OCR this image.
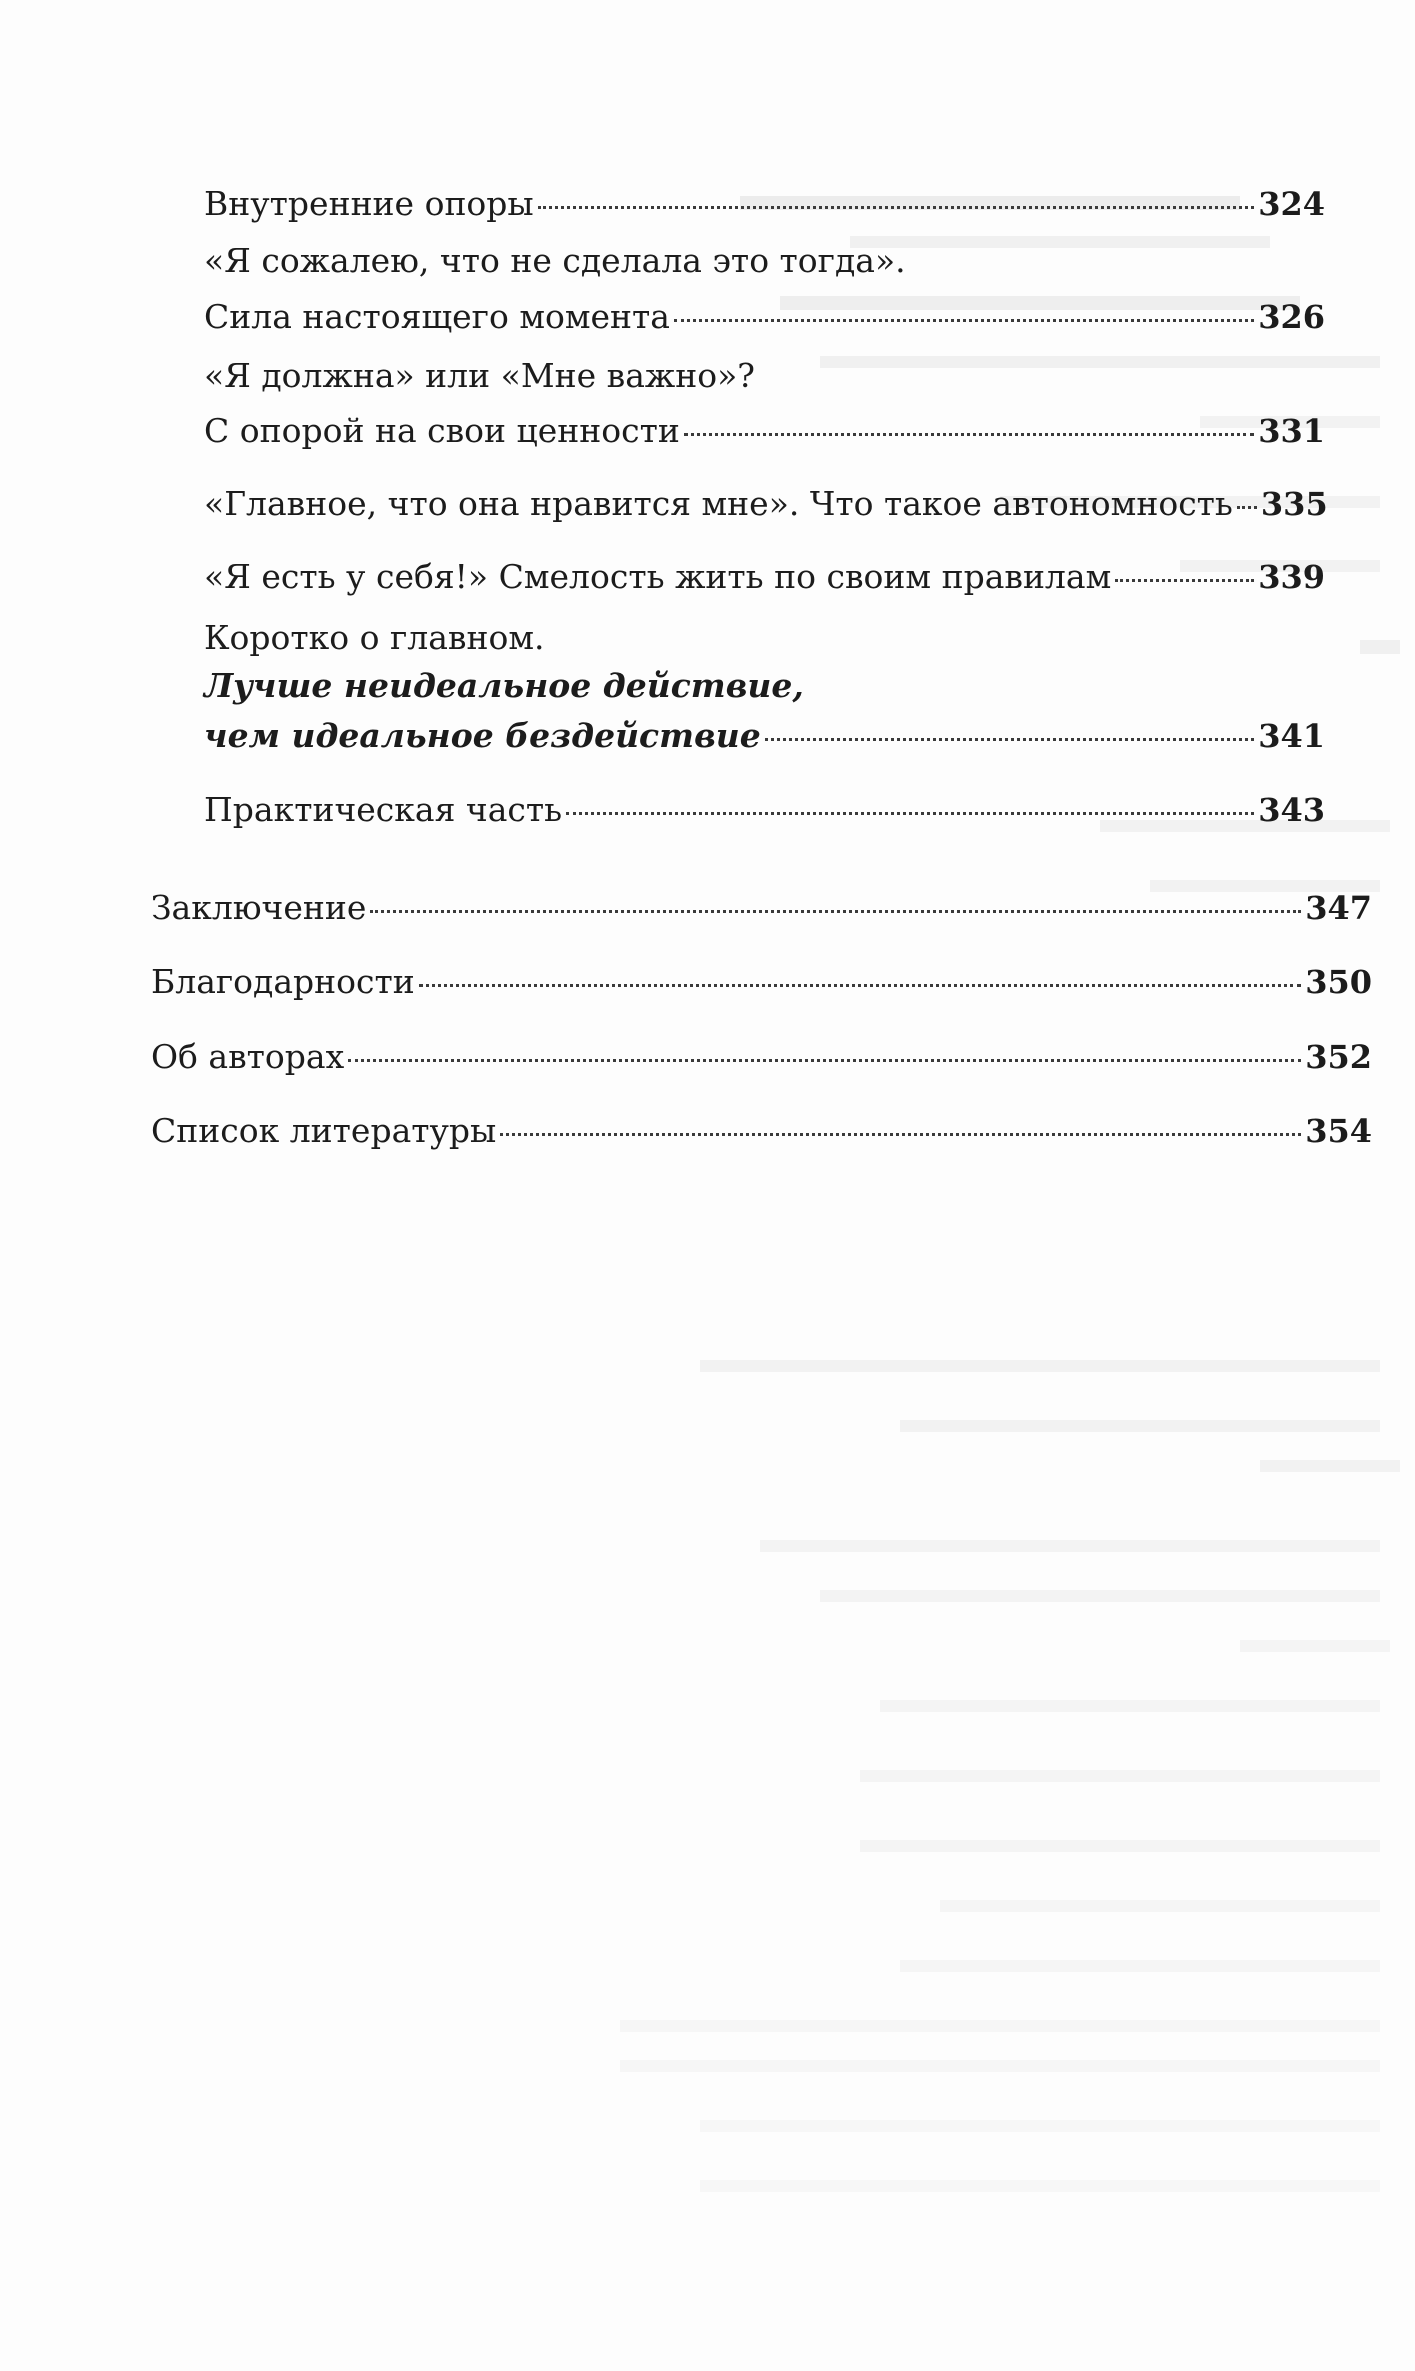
Внутренние опоры	324
«Я сожалею, что не сделала это тогда».
Сила настоящего момента	326
«Я должна» или «Мне важно»?
С опорой на свои ценности	331
«Главное, что она нравится мне». Что такое автономность 335
«Я есть у себя!» Смелость жить по своим правилам	339
Коротко о главном.
Лучше неидеальное действие,
чем идеальное бездействие	341
Практическая часть	343
Заключение	347
Благодарности	350
Об авторах	352
Список литературы	354
